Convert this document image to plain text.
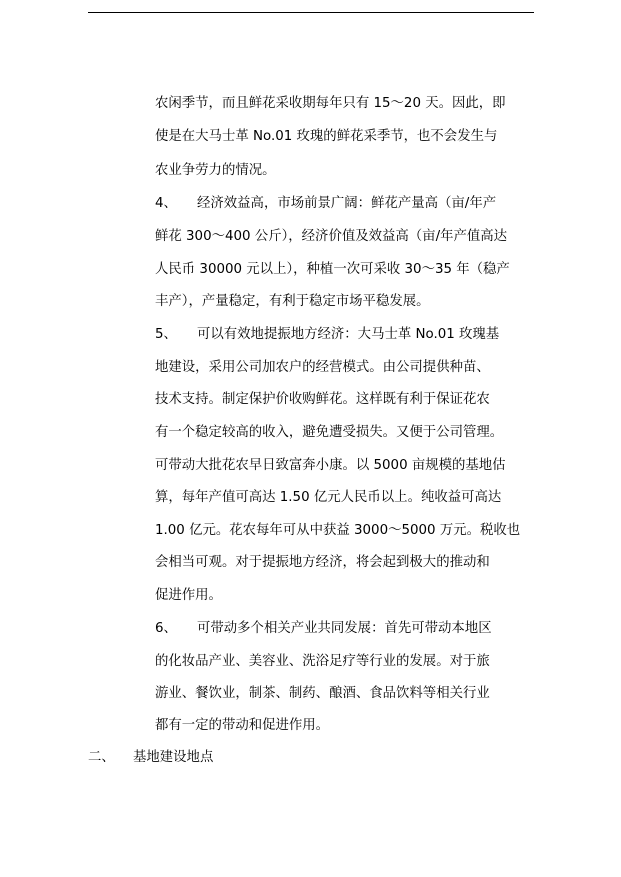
农闲季节，而且鲜花采收期每年只有 15～20 天。因此，即
使是在大马士革 No.01 玫瑰的鲜花采季节，也不会发生与
农业争劳力的情况。
4、 经济效益高，市场前景广阔：鲜花产量高（亩/年产
鲜花 300～400 公斤），经济价值及效益高（亩/年产值高达
人民币 30000 元以上），种植一次可采收 30～35 年（稳产
丰产），产量稳定，有利于稳定市场平稳发展。
5、 可以有效地提振地方经济：大马士革 No.01 玫瑰基
地建设，采用公司加农户的经营模式。由公司提供种苗、
技术支持。制定保护价收购鲜花。这样既有利于保证花农
有一个稳定较高的收入，避免遭受损失。又便于公司管理。
可带动大批花农早日致富奔小康。以 5000 亩规模的基地估
算，每年产值可高达 1.50 亿元人民币以上。纯收益可高达
1.00 亿元。花农每年可从中获益 3000～5000 万元。税收也
会相当可观。对于提振地方经济，将会起到极大的推动和
促进作用。
6、 可带动多个相关产业共同发展：首先可带动本地区
的化妆品产业、美容业、洗浴足疗等行业的发展。对于旅
游业、餐饮业，制茶、制药、酿酒、食品饮料等相关行业
都有一定的带动和促进作用。
二、 基地建设地点
